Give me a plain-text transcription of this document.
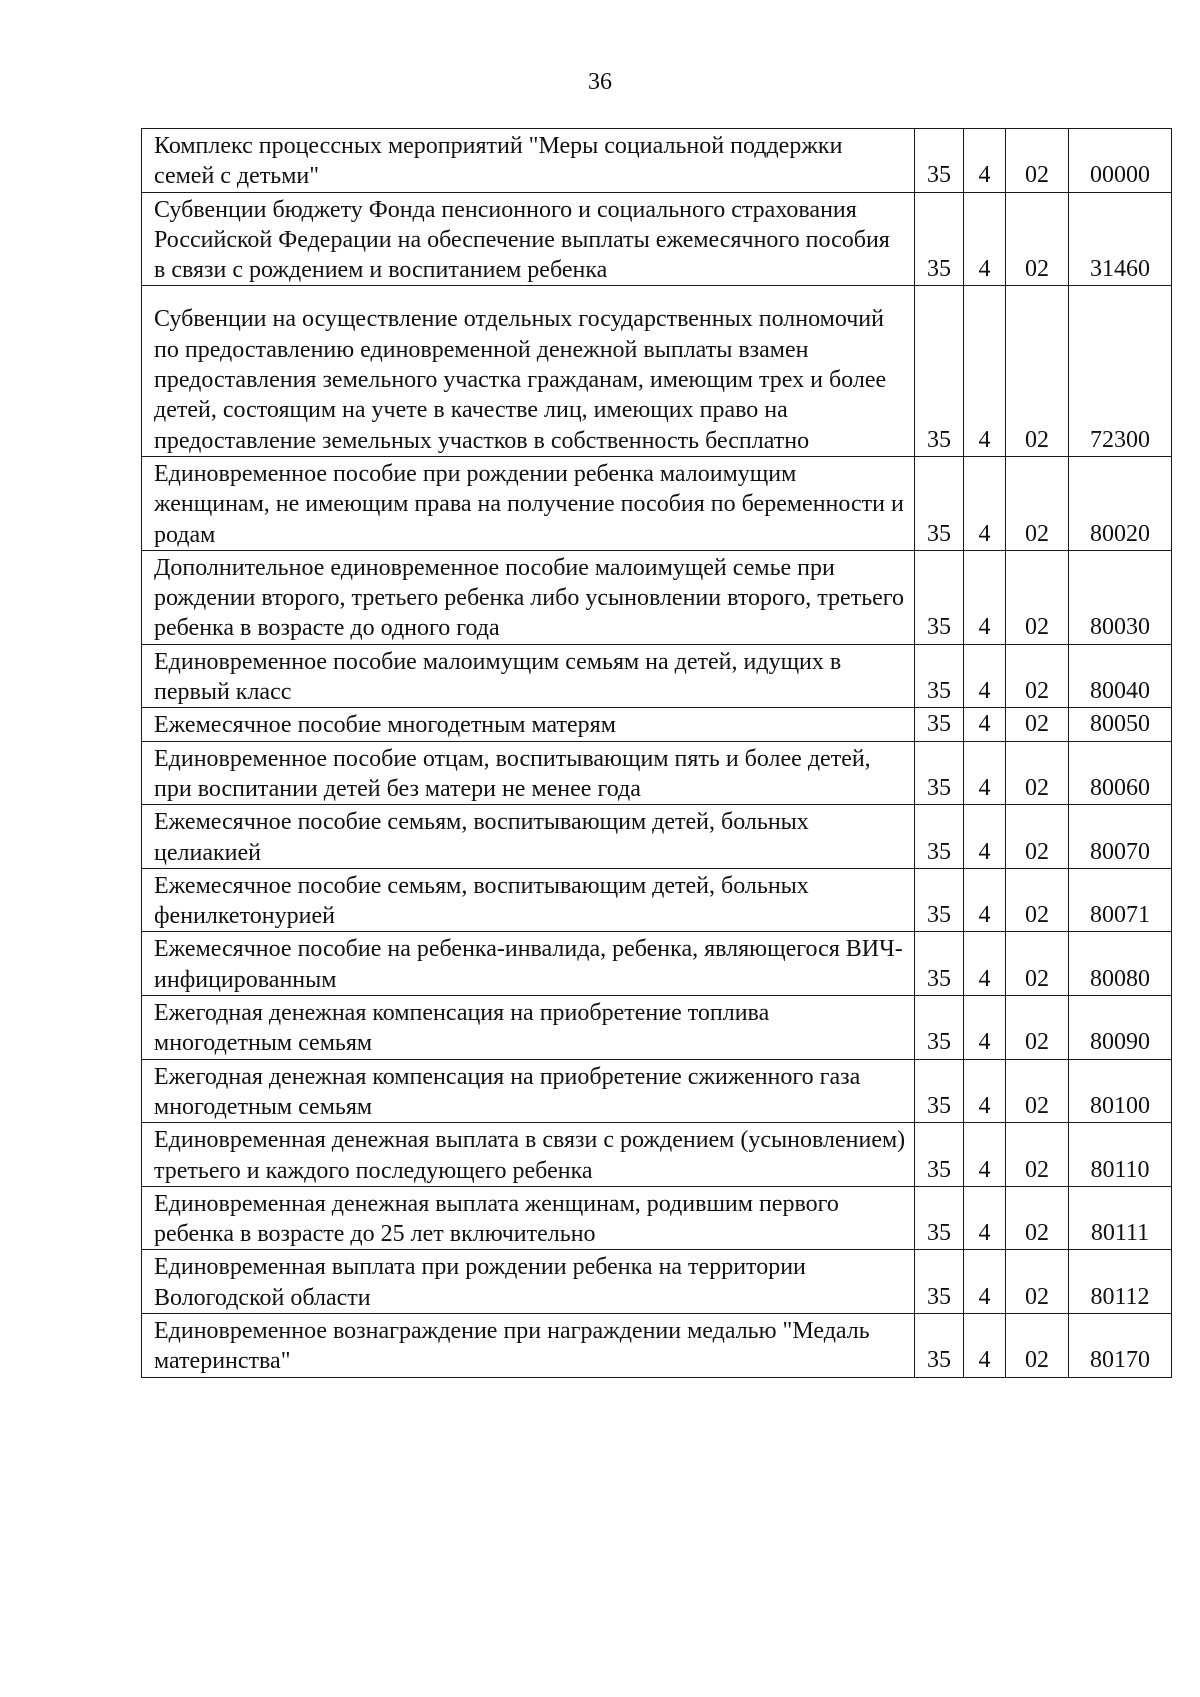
36
Комплекс процессных мероприятий "Меры социальной поддержки семей с детьми"	35	4	02	00000
Субвенции бюджету Фонда пенсионного и социального страхования Российской Федерации на обеспечение выплаты ежемесячного пособия в связи с рождением и воспитанием ребенка	35	4	02	31460
Субвенции на осуществление отдельных государственных полномочий по предоставлению единовременной денежной выплаты взамен предоставления земельного участка гражданам, имеющим трех и более детей, состоящим на учете в качестве лиц, имеющих право на предоставление земельных участков в собственность бесплатно	35	4	02	72300
Единовременное пособие при рождении ребенка малоимущим женщинам, не имеющим права на получение пособия по беременности и родам	35	4	02	80020
Дополнительное единовременное пособие малоимущей семье при рождении второго, третьего ребенка либо усыновлении второго, третьего ребенка в возрасте до одного года	35	4	02	80030
Единовременное пособие малоимущим семьям на детей, идущих в первый класс	35	4	02	80040
Ежемесячное пособие многодетным матерям	35	4	02	80050
Единовременное пособие отцам, воспитывающим пять и более детей, при воспитании детей без матери не менее года	35	4	02	80060
Ежемесячное пособие семьям, воспитывающим детей, больных целиакией	35	4	02	80070
Ежемесячное пособие семьям, воспитывающим детей, больных фенилкетонурией	35	4	02	80071
Ежемесячное пособие на ребенка-инвалида, ребенка, являющегося ВИЧ-инфицированным	35	4	02	80080
Ежегодная денежная компенсация на приобретение топлива многодетным семьям	35	4	02	80090
Ежегодная денежная компенсация на приобретение сжиженного газа многодетным семьям	35	4	02	80100
Единовременная денежная выплата в связи с рождением (усыновлением) третьего и каждого последующего ребенка	35	4	02	80110
Единовременная денежная выплата женщинам, родившим первого ребенка в возрасте до 25 лет включительно	35	4	02	80111
Единовременная выплата при рождении ребенка на территории Вологодской области	35	4	02	80112
Единовременное вознаграждение при награждении медалью "Медаль материнства"	35	4	02	80170
